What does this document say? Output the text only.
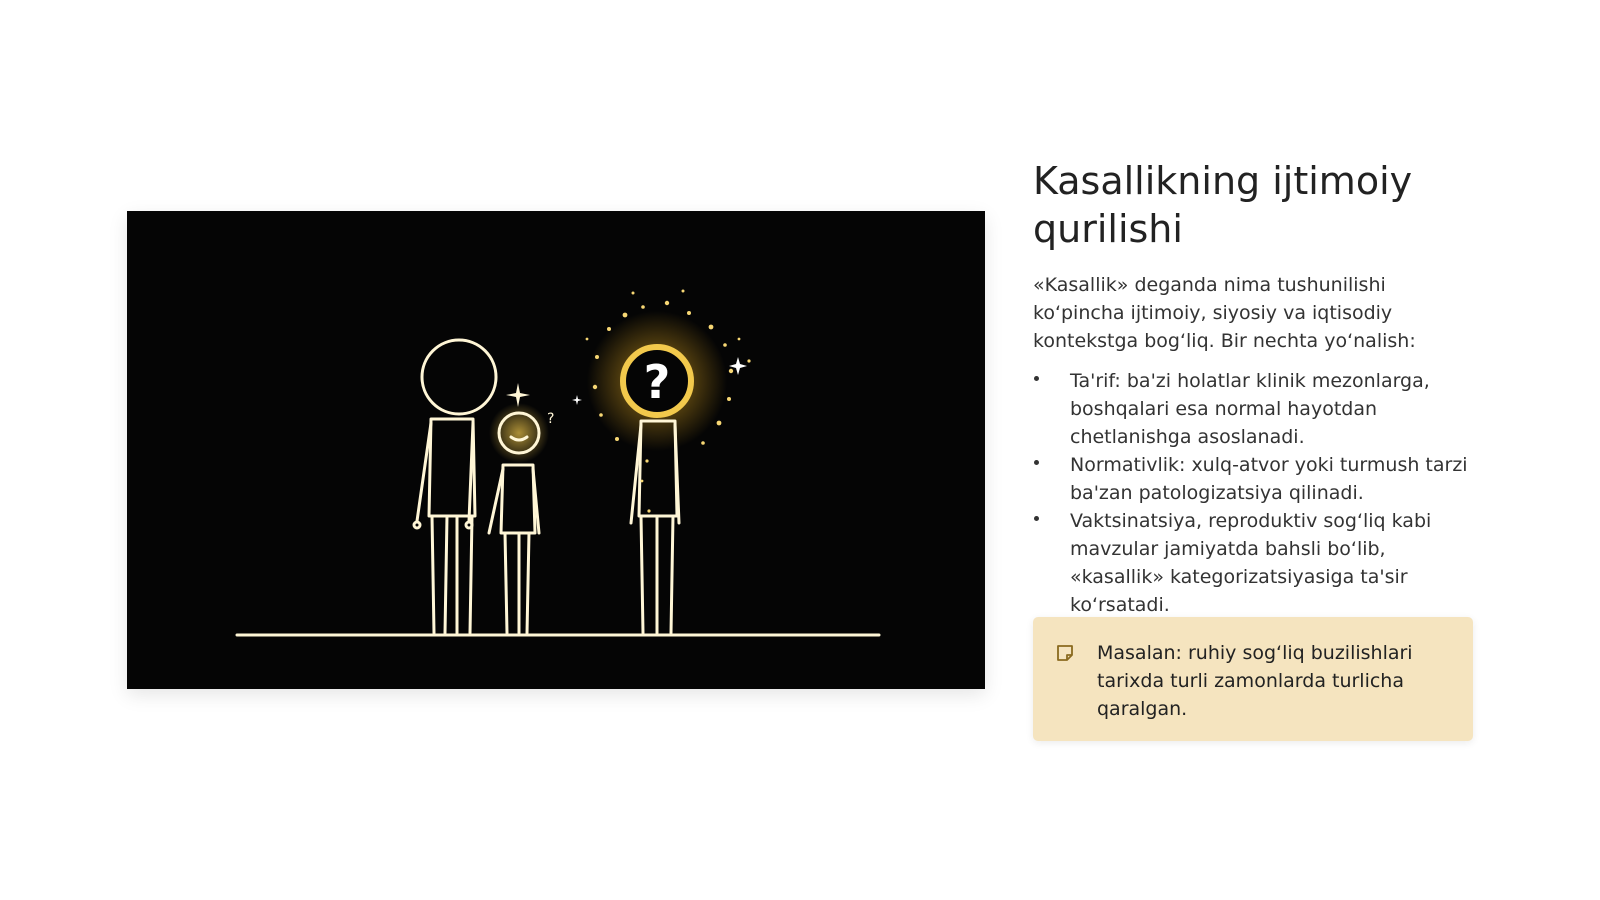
?
?
Kasallikning ijtimoiy qurilishi

«Kasallik» deganda nima tushunilishi ko‘pincha ijtimoiy, siyosiy va iqtisodiy kontekstga bog‘liq. Bir nechta yo‘nalish:

Ta'rif: ba'zi holatlar klinik mezonlarga, boshqalari esa normal hayotdan chetlanishga asoslanadi.
Normativlik: xulq-atvor yoki turmush tarzi ba'zan patologizatsiya qilinadi.
Vaktsinatsiya, reproduktiv sog‘liq kabi mavzular jamiyatda bahsli bo‘lib, «kasallik» kategorizatsiyasiga ta'sir ko‘rsatadi.

Masalan: ruhiy sog‘liq buzilishlari tarixda turli zamonlarda turlicha qaralgan.
